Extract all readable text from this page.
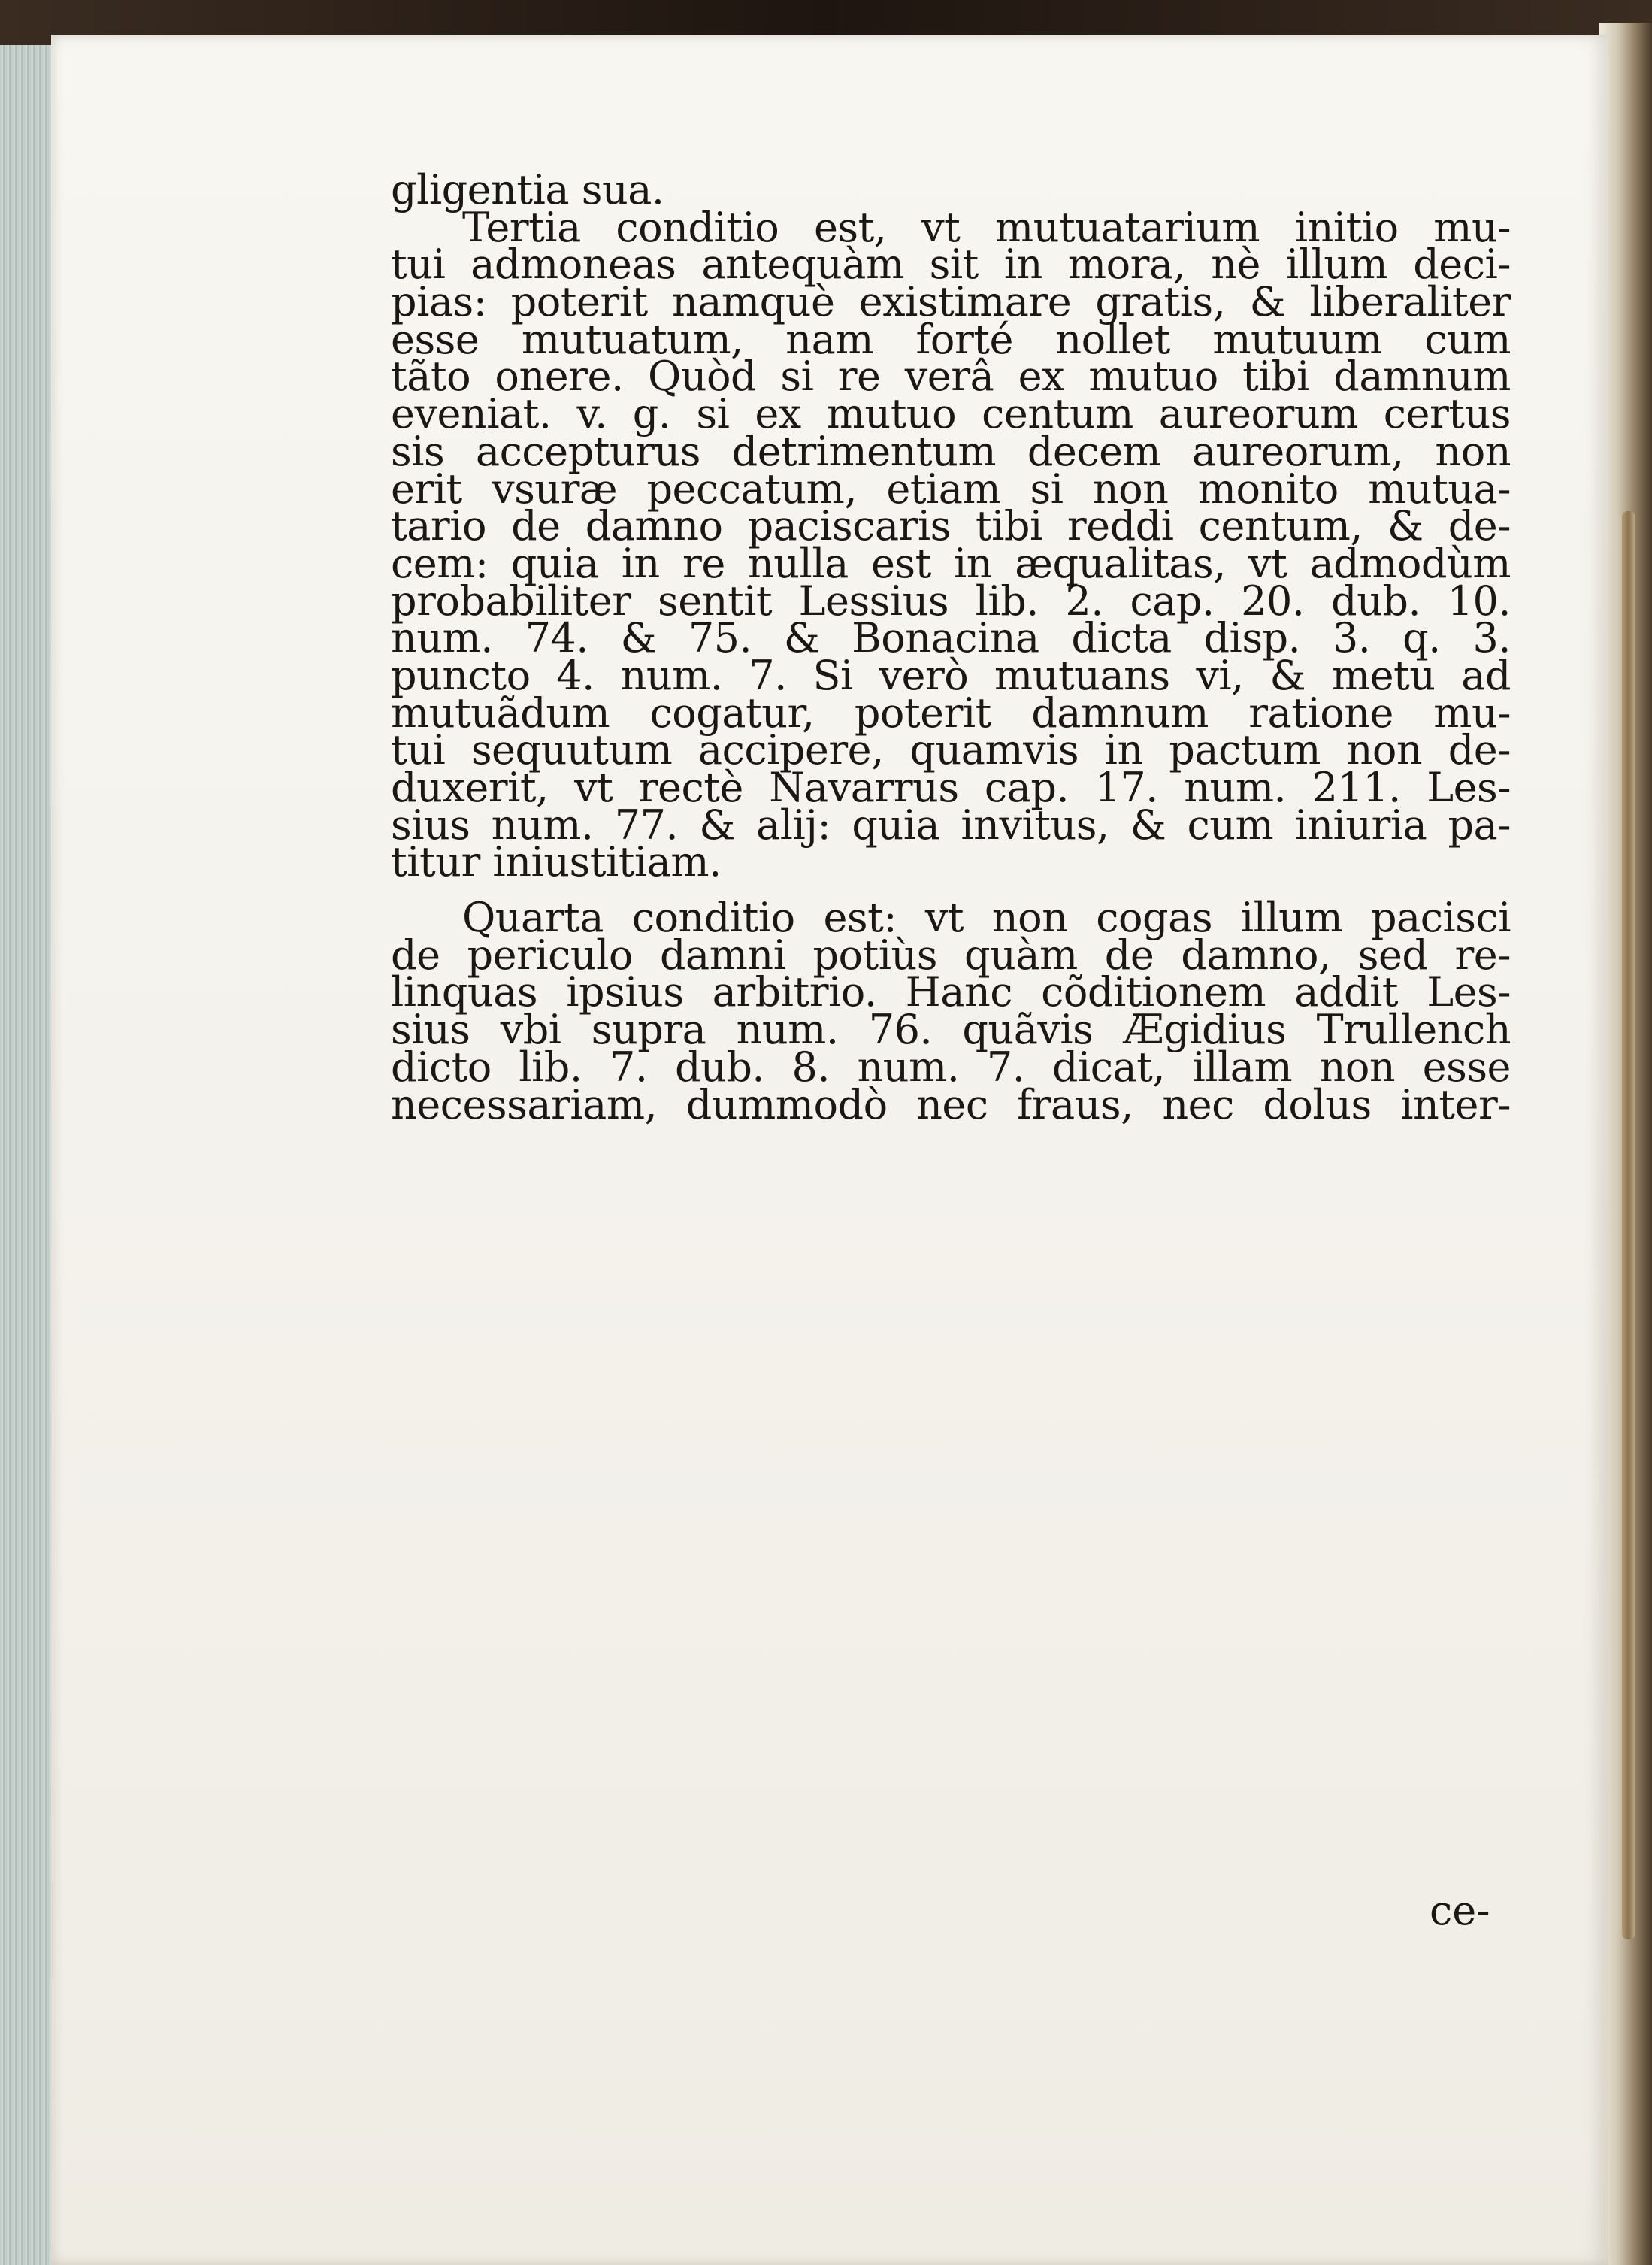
gligentia sua.
Tertia conditio est, vt mutuatarium initio mu-
tui admoneas antequàm sit in mora, nè illum deci-
pias: poterit namquè existimare gratis, & liberaliter
esse mutuatum, nam forté nollet mutuum cum
tãto onere. Quòd si re verâ ex mutuo tibi damnum
eveniat. v. g. si ex mutuo centum aureorum certus
sis accepturus detrimentum decem aureorum, non
erit vsuræ peccatum, etiam si non monito mutua-
tario de damno paciscaris tibi reddi centum, & de-
cem: quia in re nulla est in æqualitas, vt admodùm
probabiliter sentit Lessius lib. 2. cap. 20. dub. 10.
num. 74. & 75. & Bonacina dicta disp. 3. q. 3.
puncto 4. num. 7. Si verò mutuans vi, & metu ad
mutuãdum cogatur, poterit damnum ratione mu-
tui sequutum accipere, quamvis in pactum non de-
duxerit, vt rectè Navarrus cap. 17. num. 211. Les-
sius num. 77. & alij: quia invitus, & cum iniuria pa-
titur iniustitiam.
Quarta conditio est: vt non cogas illum pacisci
de periculo damni potiùs quàm de damno, sed re-
linquas ipsius arbitrio. Hanc cõditionem addit Les-
sius vbi supra num. 76. quãvis Ægidius Trullench
dicto lib. 7. dub. 8. num. 7. dicat, illam non esse
necessariam, dummodò nec fraus, nec dolus inter-
ce-
